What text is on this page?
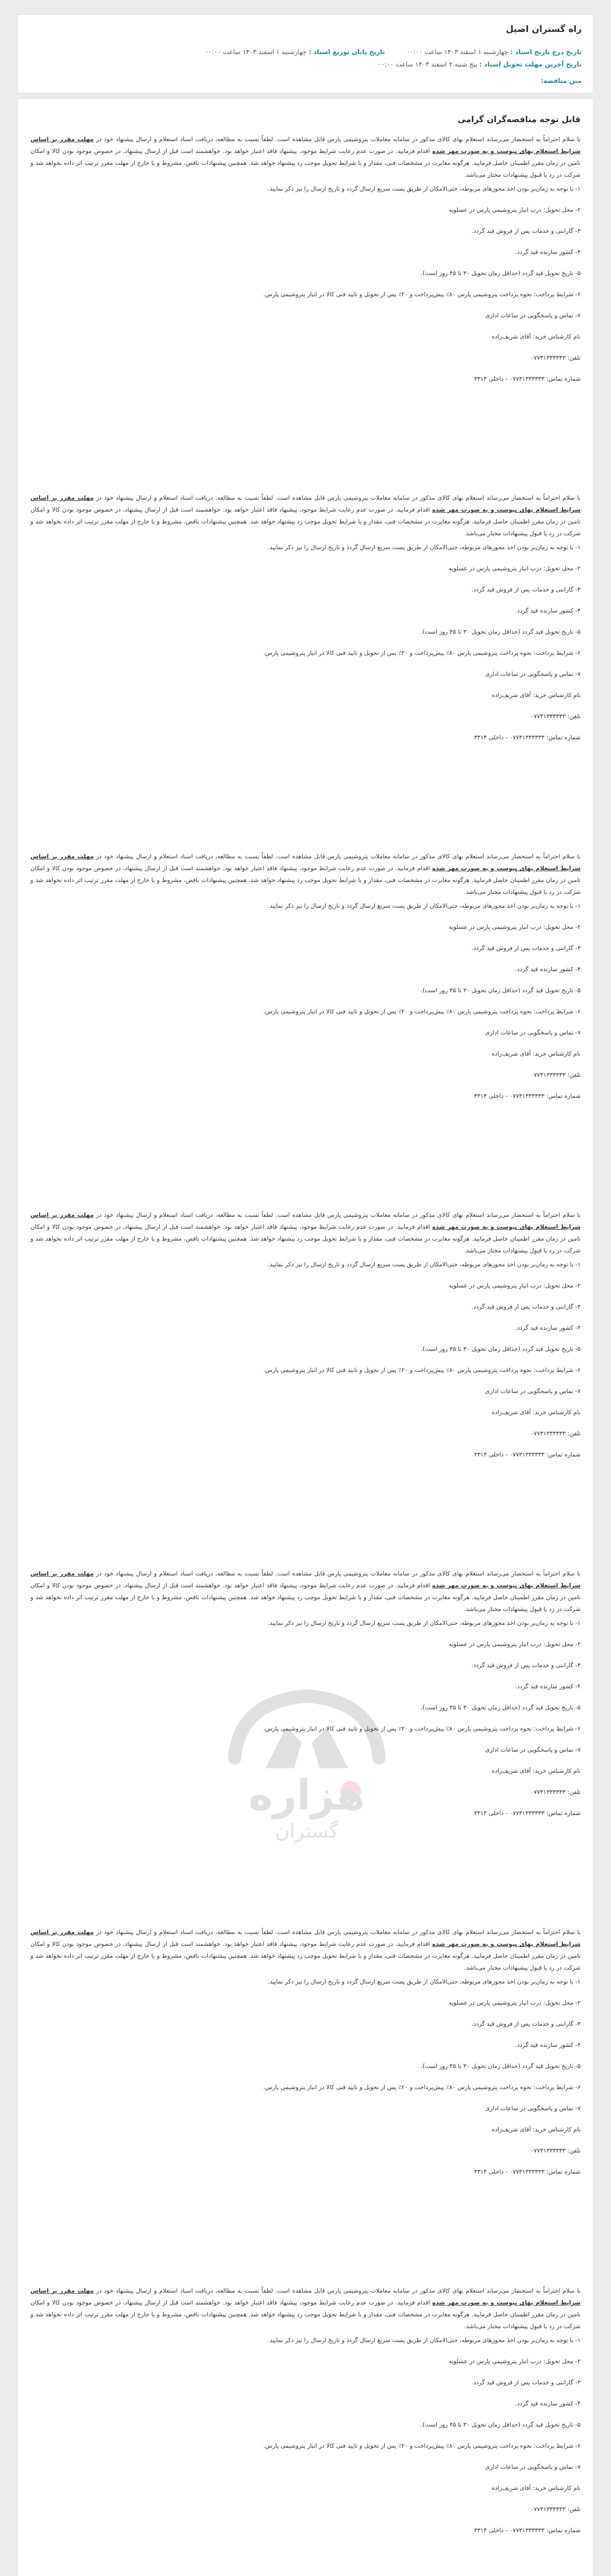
راه گستران اصیل
تاریخ درج تاریخ اسناد : چهارشنبه ۱ اسفند ۱۴۰۳ ساعت ۰۰:۰۰
تاریخ پایان توزیع اسناد : چهارشنبه ۱ اسفند ۱۴۰۳ ساعت ۰۰:۰۰
تاریخ آخرین مهلت تحویل اسناد : پنج شنبه ۲ اسفند ۱۴۰۳ ساعت ۰۰:۰۰
متن مناقصه:
قابل توجه مناقصه‌گران گرامی

با سلام احتراماً به استحضار می‌رساند استعلام بهای کالای مذکور در سامانه معاملات پتروشیمی پارس قابل مشاهده است. لطفاً نسبت به مطالعه، دریافت اسناد استعلام و ارسال پیشنهاد خود در مهلت مقرر بر اساس شرایط استعلام بهای پیوست و به صورت مهر شده اقدام فرمایید. در صورت عدم رعایت شرایط موجود، پیشنهاد فاقد اعتبار خواهد بود. خواهشمند است قبل از ارسال پیشنهاد، در خصوص موجود بودن کالا و امکان تامین در زمان مقرر اطمینان حاصل فرمایید. هرگونه مغایرت در مشخصات فنی، مقدار و یا شرایط تحویل موجب رد پیشنهاد خواهد شد. همچنین پیشنهادات ناقص، مشروط و یا خارج از مهلت مقرر ترتیب اثر داده نخواهد شد و شرکت در رد یا قبول پیشنهادات مختار می‌باشد.

۱- با توجه به زمان‌بر بودن اخذ مجوزهای مربوطه، حتی‌الامکان از طریق پست سریع ارسال گردد و تاریخ ارسال را نیز ذکر نمایید.

۲- محل تحویل: درب انبار پتروشیمی پارس در عسلویه

۳- گارانتی و خدمات پس از فروش قید گردد.

۴- کشور سازنده قید گردد.

۵- تاریخ تحویل قید گردد (حداقل زمان تحویل ۳۰ تا ۴۵ روز است).

۶- شرایط پرداخت: نحوه پرداخت پتروشیمی پارس ۸۰٪ پیش‌پرداخت و ۲۰٪ پس از تحویل و تایید فنی کالا در انبار پتروشیمی پارس.

۷- تماس و پاسخگویی در ساعات اداری

نام کارشناس خرید: آقای شریف‌زاده

تلفن: ۰۷۷۳۱۳۳۳۳۳۳

شماره تماس: ۰۷۷۳۱۳۳۳۳۳۳ - داخلی ۳۳۱۴

با سلام احتراماً به استحضار می‌رساند استعلام بهای کالای مذکور در سامانه معاملات پتروشیمی پارس قابل مشاهده است. لطفاً نسبت به مطالعه، دریافت اسناد استعلام و ارسال پیشنهاد خود در مهلت مقرر بر اساس شرایط استعلام بهای پیوست و به صورت مهر شده اقدام فرمایید. در صورت عدم رعایت شرایط موجود، پیشنهاد فاقد اعتبار خواهد بود. خواهشمند است قبل از ارسال پیشنهاد، در خصوص موجود بودن کالا و امکان تامین در زمان مقرر اطمینان حاصل فرمایید. هرگونه مغایرت در مشخصات فنی، مقدار و یا شرایط تحویل موجب رد پیشنهاد خواهد شد. همچنین پیشنهادات ناقص، مشروط و یا خارج از مهلت مقرر ترتیب اثر داده نخواهد شد و شرکت در رد یا قبول پیشنهادات مختار می‌باشد.

۱- با توجه به زمان‌بر بودن اخذ مجوزهای مربوطه، حتی‌الامکان از طریق پست سریع ارسال گردد و تاریخ ارسال را نیز ذکر نمایید.

۲- محل تحویل: درب انبار پتروشیمی پارس در عسلویه

۳- گارانتی و خدمات پس از فروش قید گردد.

۴- کشور سازنده قید گردد.

۵- تاریخ تحویل قید گردد (حداقل زمان تحویل ۳۰ تا ۴۵ روز است).

۶- شرایط پرداخت: نحوه پرداخت پتروشیمی پارس ۸۰٪ پیش‌پرداخت و ۲۰٪ پس از تحویل و تایید فنی کالا در انبار پتروشیمی پارس.

۷- تماس و پاسخگویی در ساعات اداری

نام کارشناس خرید: آقای شریف‌زاده

تلفن: ۰۷۷۳۱۳۳۳۳۳۳

شماره تماس: ۰۷۷۳۱۳۳۳۳۳۳ - داخلی ۳۳۱۴

با سلام احتراماً به استحضار می‌رساند استعلام بهای کالای مذکور در سامانه معاملات پتروشیمی پارس قابل مشاهده است. لطفاً نسبت به مطالعه، دریافت اسناد استعلام و ارسال پیشنهاد خود در مهلت مقرر بر اساس شرایط استعلام بهای پیوست و به صورت مهر شده اقدام فرمایید. در صورت عدم رعایت شرایط موجود، پیشنهاد فاقد اعتبار خواهد بود. خواهشمند است قبل از ارسال پیشنهاد، در خصوص موجود بودن کالا و امکان تامین در زمان مقرر اطمینان حاصل فرمایید. هرگونه مغایرت در مشخصات فنی، مقدار و یا شرایط تحویل موجب رد پیشنهاد خواهد شد. همچنین پیشنهادات ناقص، مشروط و یا خارج از مهلت مقرر ترتیب اثر داده نخواهد شد و شرکت در رد یا قبول پیشنهادات مختار می‌باشد.

۱- با توجه به زمان‌بر بودن اخذ مجوزهای مربوطه، حتی‌الامکان از طریق پست سریع ارسال گردد و تاریخ ارسال را نیز ذکر نمایید.

۲- محل تحویل: درب انبار پتروشیمی پارس در عسلویه

۳- گارانتی و خدمات پس از فروش قید گردد.

۴- کشور سازنده قید گردد.

۵- تاریخ تحویل قید گردد (حداقل زمان تحویل ۳۰ تا ۴۵ روز است).

۶- شرایط پرداخت: نحوه پرداخت پتروشیمی پارس ۸۰٪ پیش‌پرداخت و ۲۰٪ پس از تحویل و تایید فنی کالا در انبار پتروشیمی پارس.

۷- تماس و پاسخگویی در ساعات اداری

نام کارشناس خرید: آقای شریف‌زاده

تلفن: ۰۷۷۳۱۳۳۳۳۳۳

شماره تماس: ۰۷۷۳۱۳۳۳۳۳۳ - داخلی ۳۳۱۴

با سلام احتراماً به استحضار می‌رساند استعلام بهای کالای مذکور در سامانه معاملات پتروشیمی پارس قابل مشاهده است. لطفاً نسبت به مطالعه، دریافت اسناد استعلام و ارسال پیشنهاد خود در مهلت مقرر بر اساس شرایط استعلام بهای پیوست و به صورت مهر شده اقدام فرمایید. در صورت عدم رعایت شرایط موجود، پیشنهاد فاقد اعتبار خواهد بود. خواهشمند است قبل از ارسال پیشنهاد، در خصوص موجود بودن کالا و امکان تامین در زمان مقرر اطمینان حاصل فرمایید. هرگونه مغایرت در مشخصات فنی، مقدار و یا شرایط تحویل موجب رد پیشنهاد خواهد شد. همچنین پیشنهادات ناقص، مشروط و یا خارج از مهلت مقرر ترتیب اثر داده نخواهد شد و شرکت در رد یا قبول پیشنهادات مختار می‌باشد.

۱- با توجه به زمان‌بر بودن اخذ مجوزهای مربوطه، حتی‌الامکان از طریق پست سریع ارسال گردد و تاریخ ارسال را نیز ذکر نمایید.

۲- محل تحویل: درب انبار پتروشیمی پارس در عسلویه

۳- گارانتی و خدمات پس از فروش قید گردد.

۴- کشور سازنده قید گردد.

۵- تاریخ تحویل قید گردد (حداقل زمان تحویل ۳۰ تا ۴۵ روز است).

۶- شرایط پرداخت: نحوه پرداخت پتروشیمی پارس ۸۰٪ پیش‌پرداخت و ۲۰٪ پس از تحویل و تایید فنی کالا در انبار پتروشیمی پارس.

۷- تماس و پاسخگویی در ساعات اداری

نام کارشناس خرید: آقای شریف‌زاده

تلفن: ۰۷۷۳۱۳۳۳۳۳۳

شماره تماس: ۰۷۷۳۱۳۳۳۳۳۳ - داخلی ۳۳۱۴

با سلام احتراماً به استحضار می‌رساند استعلام بهای کالای مذکور در سامانه معاملات پتروشیمی پارس قابل مشاهده است. لطفاً نسبت به مطالعه، دریافت اسناد استعلام و ارسال پیشنهاد خود در مهلت مقرر بر اساس شرایط استعلام بهای پیوست و به صورت مهر شده اقدام فرمایید. در صورت عدم رعایت شرایط موجود، پیشنهاد فاقد اعتبار خواهد بود. خواهشمند است قبل از ارسال پیشنهاد، در خصوص موجود بودن کالا و امکان تامین در زمان مقرر اطمینان حاصل فرمایید. هرگونه مغایرت در مشخصات فنی، مقدار و یا شرایط تحویل موجب رد پیشنهاد خواهد شد. همچنین پیشنهادات ناقص، مشروط و یا خارج از مهلت مقرر ترتیب اثر داده نخواهد شد و شرکت در رد یا قبول پیشنهادات مختار می‌باشد.

۱- با توجه به زمان‌بر بودن اخذ مجوزهای مربوطه، حتی‌الامکان از طریق پست سریع ارسال گردد و تاریخ ارسال را نیز ذکر نمایید.

۲- محل تحویل: درب انبار پتروشیمی پارس در عسلویه

۳- گارانتی و خدمات پس از فروش قید گردد.

۴- کشور سازنده قید گردد.

۵- تاریخ تحویل قید گردد (حداقل زمان تحویل ۳۰ تا ۴۵ روز است).

۶- شرایط پرداخت: نحوه پرداخت پتروشیمی پارس ۸۰٪ پیش‌پرداخت و ۲۰٪ پس از تحویل و تایید فنی کالا در انبار پتروشیمی پارس.

۷- تماس و پاسخگویی در ساعات اداری

نام کارشناس خرید: آقای شریف‌زاده

تلفن: ۰۷۷۳۱۳۳۳۳۳۳

شماره تماس: ۰۷۷۳۱۳۳۳۳۳۳ - داخلی ۳۳۱۴

با سلام احتراماً به استحضار می‌رساند استعلام بهای کالای مذکور در سامانه معاملات پتروشیمی پارس قابل مشاهده است. لطفاً نسبت به مطالعه، دریافت اسناد استعلام و ارسال پیشنهاد خود در مهلت مقرر بر اساس شرایط استعلام بهای پیوست و به صورت مهر شده اقدام فرمایید. در صورت عدم رعایت شرایط موجود، پیشنهاد فاقد اعتبار خواهد بود. خواهشمند است قبل از ارسال پیشنهاد، در خصوص موجود بودن کالا و امکان تامین در زمان مقرر اطمینان حاصل فرمایید. هرگونه مغایرت در مشخصات فنی، مقدار و یا شرایط تحویل موجب رد پیشنهاد خواهد شد. همچنین پیشنهادات ناقص، مشروط و یا خارج از مهلت مقرر ترتیب اثر داده نخواهد شد و شرکت در رد یا قبول پیشنهادات مختار می‌باشد.

۱- با توجه به زمان‌بر بودن اخذ مجوزهای مربوطه، حتی‌الامکان از طریق پست سریع ارسال گردد و تاریخ ارسال را نیز ذکر نمایید.

۲- محل تحویل: درب انبار پتروشیمی پارس در عسلویه

۳- گارانتی و خدمات پس از فروش قید گردد.

۴- کشور سازنده قید گردد.

۵- تاریخ تحویل قید گردد (حداقل زمان تحویل ۳۰ تا ۴۵ روز است).

۶- شرایط پرداخت: نحوه پرداخت پتروشیمی پارس ۸۰٪ پیش‌پرداخت و ۲۰٪ پس از تحویل و تایید فنی کالا در انبار پتروشیمی پارس.

۷- تماس و پاسخگویی در ساعات اداری

نام کارشناس خرید: آقای شریف‌زاده

تلفن: ۰۷۷۳۱۳۳۳۳۳۳

شماره تماس: ۰۷۷۳۱۳۳۳۳۳۳ - داخلی ۳۳۱۴

با سلام احتراماً به استحضار می‌رساند استعلام بهای کالای مذکور در سامانه معاملات پتروشیمی پارس قابل مشاهده است. لطفاً نسبت به مطالعه، دریافت اسناد استعلام و ارسال پیشنهاد خود در مهلت مقرر بر اساس شرایط استعلام بهای پیوست و به صورت مهر شده اقدام فرمایید. در صورت عدم رعایت شرایط موجود، پیشنهاد فاقد اعتبار خواهد بود. خواهشمند است قبل از ارسال پیشنهاد، در خصوص موجود بودن کالا و امکان تامین در زمان مقرر اطمینان حاصل فرمایید. هرگونه مغایرت در مشخصات فنی، مقدار و یا شرایط تحویل موجب رد پیشنهاد خواهد شد. همچنین پیشنهادات ناقص، مشروط و یا خارج از مهلت مقرر ترتیب اثر داده نخواهد شد و شرکت در رد یا قبول پیشنهادات مختار می‌باشد.

۱- با توجه به زمان‌بر بودن اخذ مجوزهای مربوطه، حتی‌الامکان از طریق پست سریع ارسال گردد و تاریخ ارسال را نیز ذکر نمایید.

۲- محل تحویل: درب انبار پتروشیمی پارس در عسلویه

۳- گارانتی و خدمات پس از فروش قید گردد.

۴- کشور سازنده قید گردد.

۵- تاریخ تحویل قید گردد (حداقل زمان تحویل ۳۰ تا ۴۵ روز است).

۶- شرایط پرداخت: نحوه پرداخت پتروشیمی پارس ۸۰٪ پیش‌پرداخت و ۲۰٪ پس از تحویل و تایید فنی کالا در انبار پتروشیمی پارس.

۷- تماس و پاسخگویی در ساعات اداری

نام کارشناس خرید: آقای شریف‌زاده

تلفن: ۰۷۷۳۱۳۳۳۳۳۳

شماره تماس: ۰۷۷۳۱۳۳۳۳۳۳ - داخلی ۳۳۱۴

هزاره
گستران
